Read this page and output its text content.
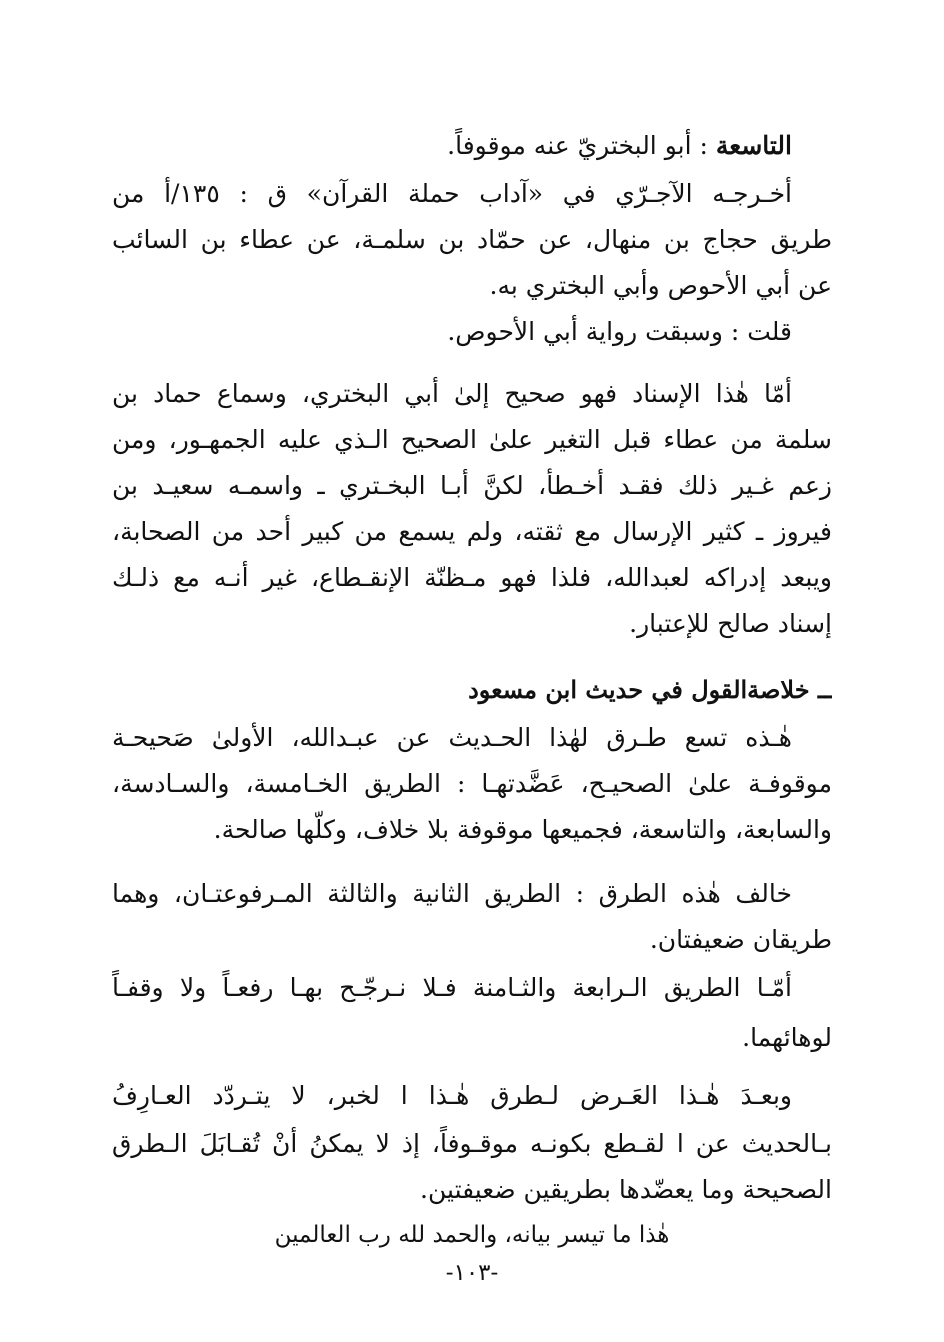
التاسعة : أبو البختريّ عنه موقوفاً.
أخـرجـه الآجـرّي في «آداب حملة القرآن» ق : ١٣٥/أ من
طريق حجاج بن منهال، عن حمّاد بن سلمـة، عن عطاء بن السائب
عن أبي الأحوص وأبي البختري به.
قلت : وسبقت رواية أبي الأحوص.
أمّا هٰذا الإسناد فهو صحيح إلىٰ أبي البختري، وسماع حماد بن
سلمة من عطاء قبل التغير علىٰ الصحيح الـذي عليه الجمهـور، ومن
زعم غـير ذلك فقـد أخـطأ، لكنَّ أبـا البخـتري ـ واسمـه سعيـد بن
فيروز ـ كثير الإرسال مع ثقته، ولم يسمع من كبير أحد من الصحابة،
ويبعد إدراكه لعبدالله، فلذا فهو مـظنّة الإنقـطاع، غير أنـه مع ذلـك
إسناد صالح للإعتبار.
ــ خلاصةالقول في حديث ابن مسعود
هٰـذه تسع طـرق لهٰذا الحـديث عن عبـدالله، الأولىٰ صَحيحـة
موقوفـة علىٰ الصحيـح، عَضَّدتهـا : الطريق الخـامسة، والسـادسة،
والسابعة، والتاسعة، فجميعها موقوفة بلا خلاف، وكلّها صالحة.
خالف هٰذه الطرق : الطريق الثانية والثالثة المـرفوعتـان، وهما
طريقان ضعيفتان.
أمّـا الطريق الـرابعة والثـامنة فـلا نـرجّـح بهـا رفعـاً ولا وقفـاً
لوهائهما.
وبعـدَ هٰـذا العَـرض لـطرق هٰـذا ا لخبر، لا يتـردّد العـارِفُ
بـالحديث عن ا لقـطع بكونـه موقـوفاً، إذ لا يمكنُ أنْ تُقـابَلَ الـطرق
الصحيحة وما يعضّدها بطريقين ضعيفتين.
هٰذا ما تيسر بيانه، والحمد لله رب العالمين
-١٠٣-
